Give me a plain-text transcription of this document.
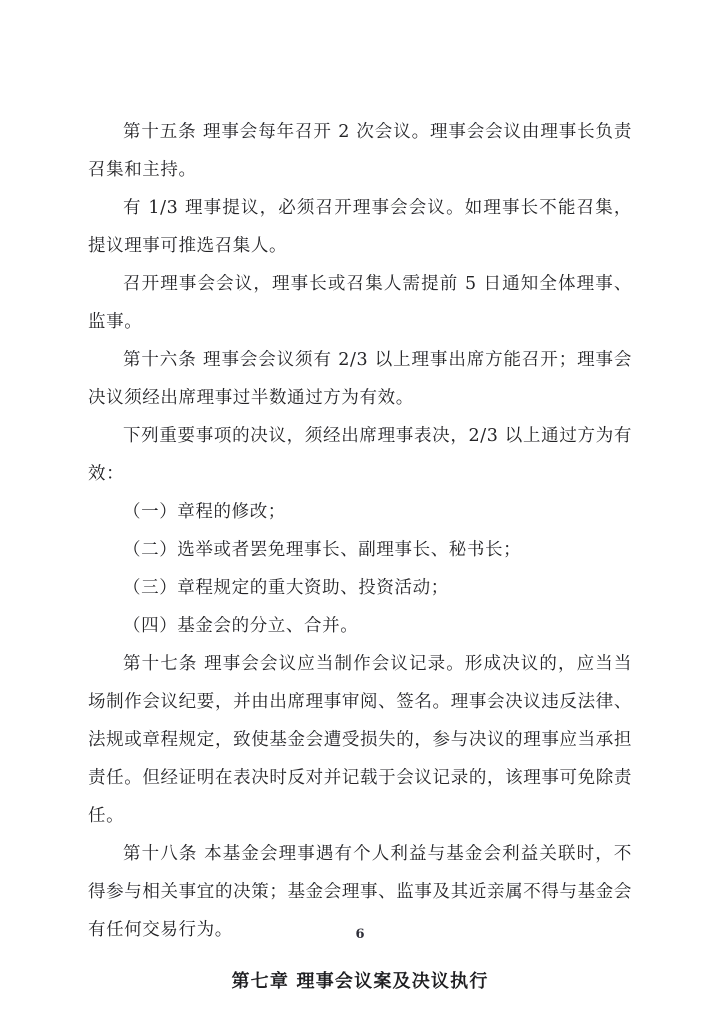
第十五条 理事会每年召开 2 次会议。理事会会议由理事长负责召集和主持。

有 1/3 理事提议，必须召开理事会会议。如理事长不能召集，提议理事可推选召集人。

召开理事会会议，理事长或召集人需提前 5 日通知全体理事、监事。

第十六条 理事会会议须有 2/3 以上理事出席方能召开；理事会决议须经出席理事过半数通过方为有效。

下列重要事项的决议，须经出席理事表决，2/3 以上通过方为有效：

（一）章程的修改；

（二）选举或者罢免理事长、副理事长、秘书长；

（三）章程规定的重大资助、投资活动；

（四）基金会的分立、合并。

第十七条 理事会会议应当制作会议记录。形成决议的，应当当场制作会议纪要，并由出席理事审阅、签名。理事会决议违反法律、法规或章程规定，致使基金会遭受损失的，参与决议的理事应当承担责任。但经证明在表决时反对并记载于会议记录的，该理事可免除责任。

第十八条 本基金会理事遇有个人利益与基金会利益关联时，不得参与相关事宜的决策；基金会理事、监事及其近亲属不得与基金会有任何交易行为。

第七章 理事会议案及决议执行

6
